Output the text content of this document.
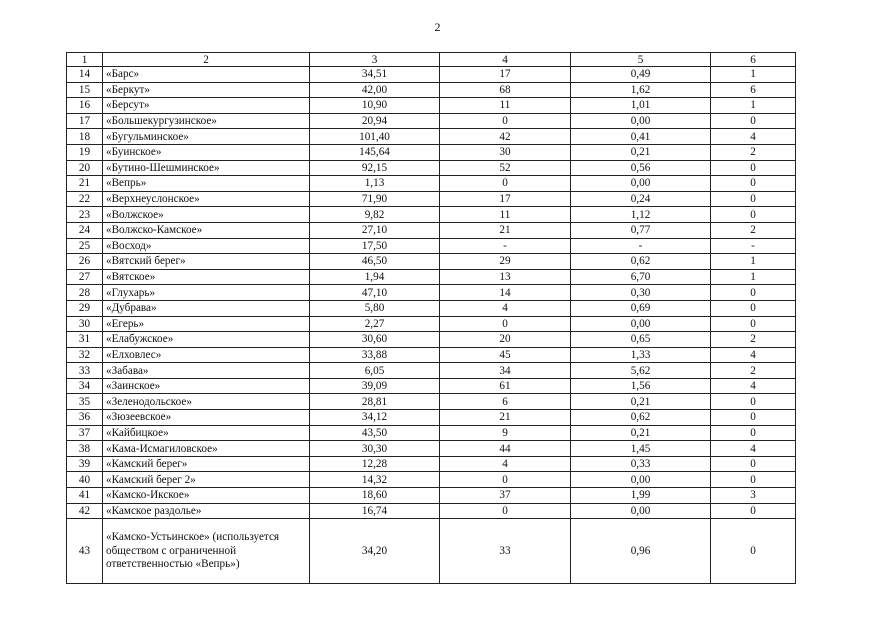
2
1	2	3	4	5	6
14	«Барс»	34,51	17	0,49	1
15	«Беркут»	42,00	68	1,62	6
16	«Берсут»	10,90	11	1,01	1
17	«Большекургузинское»	20,94	0	0,00	0
18	«Бугульминское»	101,40	42	0,41	4
19	«Буинское»	145,64	30	0,21	2
20	«Бутино-Шешминское»	92,15	52	0,56	0
21	«Вепрь»	1,13	0	0,00	0
22	«Верхнеуслонское»	71,90	17	0,24	0
23	«Волжское»	9,82	11	1,12	0
24	«Волжско-Камское»	27,10	21	0,77	2
25	«Восход»	17,50	-	-	-
26	«Вятский берег»	46,50	29	0,62	1
27	«Вятское»	1,94	13	6,70	1
28	«Глухарь»	47,10	14	0,30	0
29	«Дубрава»	5,80	4	0,69	0
30	«Егерь»	2,27	0	0,00	0
31	«Елабужское»	30,60	20	0,65	2
32	«Елховлес»	33,88	45	1,33	4
33	«Забава»	6,05	34	5,62	2
34	«Заинское»	39,09	61	1,56	4
35	«Зеленодольское»	28,81	6	0,21	0
36	«Зюзеевское»	34,12	21	0,62	0
37	«Кайбицкое»	43,50	9	0,21	0
38	«Кама-Исмагиловское»	30,30	44	1,45	4
39	«Камский берег»	12,28	4	0,33	0
40	«Камский берег 2»	14,32	0	0,00	0
41	«Камско-Икское»	18,60	37	1,99	3
42	«Камское раздолье»	16,74	0	0,00	0
43	«Камско-Устьинское» (используется обществом с ограниченной ответственностью «Вепрь»)	34,20	33	0,96	0
